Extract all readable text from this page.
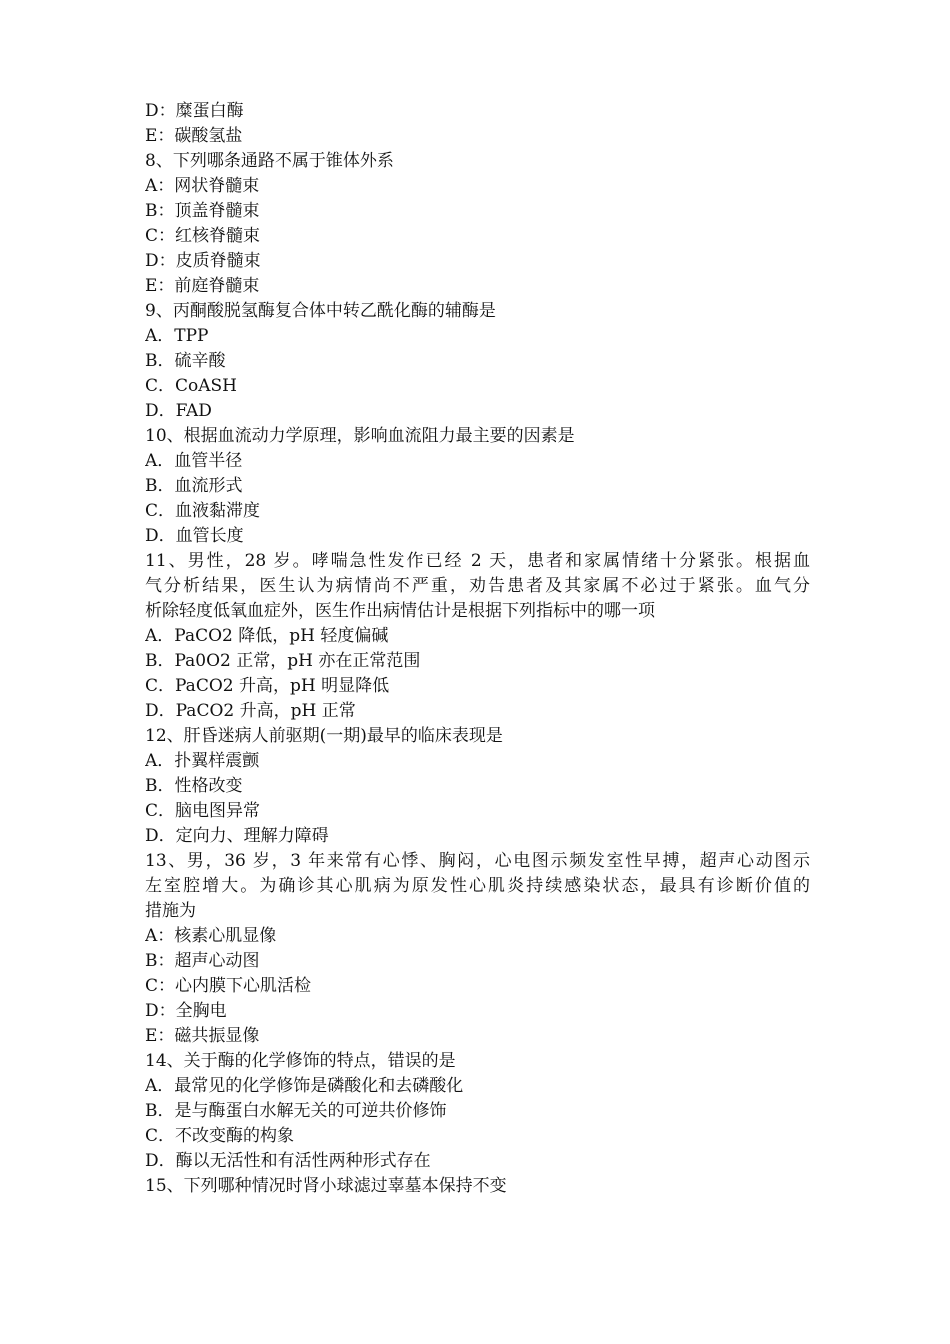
D：糜蛋白酶
E：碳酸氢盐
8、下列哪条通路不属于锥体外系
A：网状脊髓束
B：顶盖脊髓束
C：红核脊髓束
D：皮质脊髓束
E：前庭脊髓束
9、丙酮酸脱氢酶复合体中转乙酰化酶的辅酶是
A．TPP
B．硫辛酸
C．CoASH
D．FAD
10、根据血流动力学原理，影响血流阻力最主要的因素是
A．血管半径
B．血流形式
C．血液黏滞度
D．血管长度
11、男性，28 岁。哮喘急性发作已经 2 天，患者和家属情绪十分紧张。根据血
气分析结果，医生认为病情尚不严重，劝告患者及其家属不必过于紧张。血气分
析除轻度低氧血症外，医生作出病情估计是根据下列指标中的哪一项
A．PaCO2 降低，pH 轻度偏碱
B．Pa0O2 正常，pH 亦在正常范围
C．PaCO2 升高，pH 明显降低
D．PaCO2 升高，pH 正常
12、肝昏迷病人前驱期(一期)最早的临床表现是
A．扑翼样震颤
B．性格改变
C．脑电图异常
D．定向力、理解力障碍
13、男，36 岁，3 年来常有心悸、胸闷，心电图示频发室性早搏，超声心动图示
左室腔增大。为确诊其心肌病为原发性心肌炎持续感染状态，最具有诊断价值的
措施为
A：核素心肌显像
B：超声心动图
C：心内膜下心肌活检
D：全胸电
E：磁共振显像
14、关于酶的化学修饰的特点，错误的是
A．最常见的化学修饰是磷酸化和去磷酸化
B．是与酶蛋白水解无关的可逆共价修饰
C．不改变酶的构象
D．酶以无活性和有活性两种形式存在
15、下列哪种情况时肾小球滤过辜墓本保持不变
